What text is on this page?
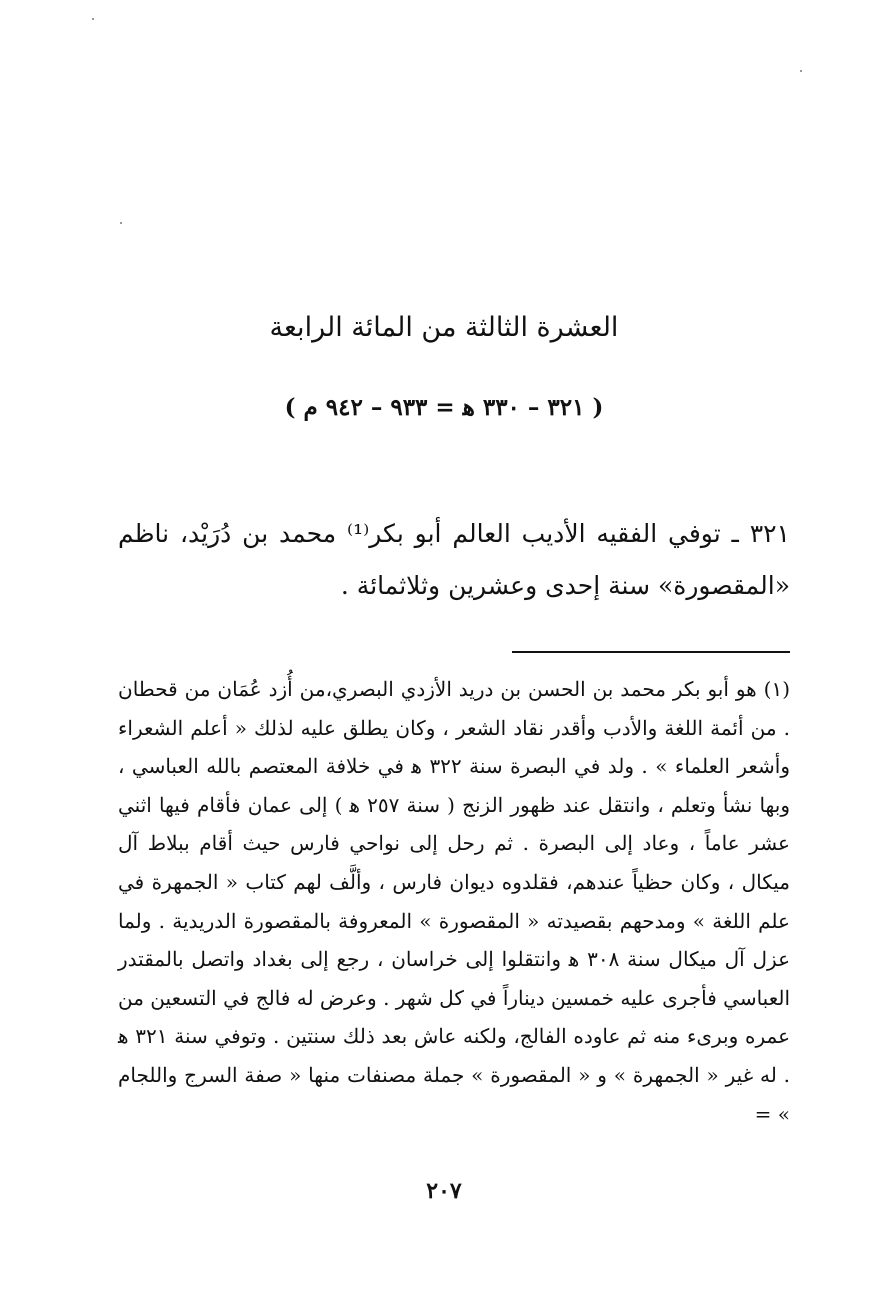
العشرة الثالثة من المائة الرابعة
( ٣٢١ – ٣٣٠ ﻫ = ٩٣٣ – ٩٤٢ م )
٣٢١ ـ توفي الفقيه الأديب العالم أبو بكر⁽¹⁾ محمد بن دُرَيْد، ناظم «المقصورة» سنة إحدى وعشرين وثلاثمائة .
(١) هو أبو بكر محمد بن الحسن بن دريد الأزدي البصري،من أُزد عُمَان من قحطان . من أئمة اللغة والأدب وأقدر نقاد الشعر ، وكان يطلق عليه لذلك « أعلم الشعراء وأشعر العلماء » . ولد في البصرة سنة ٣٢٢ ﻫ في خلافة المعتصم بالله العباسي ، وبها نشأ وتعلم ، وانتقل عند ظهور الزنج ( سنة ٢٥٧ ﻫ ) إلى عمان فأقام فيها اثني عشر عاماً ، وعاد إلى البصرة . ثم رحل إلى نواحي فارس حيث أقام ببلاط آل ميكال ، وكان حظياً عندهم، فقلدوه ديوان فارس ، وألَّف لهم كتاب « الجمهرة في علم اللغة » ومدحهم بقصيدته « المقصورة » المعروفة بالمقصورة الدريدية . ولما عزل آل ميكال سنة ٣٠٨ ﻫ وانتقلوا إلى خراسان ، رجع إلى بغداد واتصل بالمقتدر العباسي فأجرى عليه خمسين ديناراً في كل شهر . وعرض له فالج في التسعين من عمره وبرىء منه ثم عاوده الفالج، ولكنه عاش بعد ذلك سنتين . وتوفي سنة ٣٢١ ﻫ . له غير « الجمهرة » و « المقصورة » جملة مصنفات منها « صفة السرج واللجام » =
٢٠٧
